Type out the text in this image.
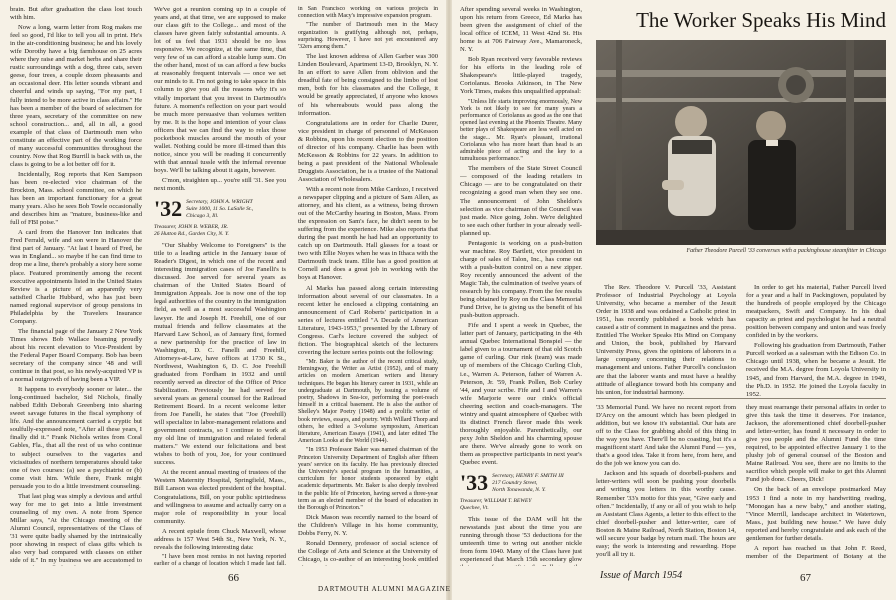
brain. But after graduation the class lost touch with him.

Now a long, warm letter from Rog makes me feel so good, I'd like to tell you all in print. He's in the air-conditioning business; he and his lovely wife Dorothy have a big farmhouse on 25 acres where they raise and market herbs and share their rustic surroundings with a dog, three cats, seven geese, four trees, a couple dozen pheasants and an occasional deer. His letter sounds vibrant and cheerful and winds up saying, "For my part, I fully intend to be more active in class affairs." He has been a member of the board of selectmen for three years, secretary of the committee on new school construction... and, all in all, a good example of that class of Dartmouth men who constitute an effective part of the working force of many successful communities throughout the country. Now that Rog Burrill is back with us, the class is going to be a lot better off for it.

Incidentally, Rog reports that Ken Sampson has been re-elected vice chairman of the Brockton, Mass. school committee, on which he has been an important functionary for a great many years. Also he sees Bob Towle occasionally and describes him as "mature, business-like and full of FBI poise."

A card from the Hanover Inn indicates that Fred Ferrald, wife and son were in Hanover the first part of January. "At last I heard of Fred, he was in England... so maybe if he can find time to drop me a line, there's probably a story here some place. Featured prominently among the recent executive appointments listed in the United States Review is a picture of an apparently very satisfied Charlie Hubbard, who has just been named regional supervisor of group pensions in Philadelphia by the Travelers Insurance Company.

The financial page of the January 2 New York Times shows Bob Wallace beaming proudly about his recent elevation to Vice-President by the Federal Paper Board Company. Bob has been secretary of the company since '48 and will continue in that post, so his newly-acquired VP is a normal outgrowth of having been a VIP.

It happens to everybody sooner or later... the long-continued bachelor, Sid Nichols, finally nabbed Edith Deborah Greenberg into sharing sweet savage futures in the fiscal symphony of life. And the announcement carried a cryptic but soulfully-expressed note, "After all these years, I finally did it." Frank Nichols writes from Coral Gables, Fla., that all the rest of us who continue to subject ourselves to the vagaries and vicissitudes of northern temperatures should take one of two courses: (a) see a psychiatrist or (b) come visit him. While there, Frank might persuade you to do a little investment counseling.

That last plug was simply a devious and artful way for me to get into a little investment counseling of my own. A note from Spence Millar says, "At the Chicago meeting of the Alumni Council, representatives of the Class of '31 were quite badly shamed by the intrinsically poor showing in respect of class gifts which is also very bad compared with classes on either side of it." In my business we are accustomed to

We've got a reunion coming up in a couple of years and, at that time, we are supposed to make our class gift to the College... and most of the classes have given fairly substantial amounts. A lot of us feel that 1931 should be no less responsive. We recognize, at the same time, that very few of us can afford a sizable lump sum. On the other hand, most of us can afford a few bucks at reasonably frequent intervals — once we set our minds to it. I'm not going to take space in this column to give you all the reasons why it's so vitally important that you invest in Dartmouth's future. A moment's reflection on your part would be much more persuasive than volumes written by me. It is the hope and intention of your class officers that we can find the way to relax those pocketbook muscles around the mouth of your wallet. Nothing could be more ill-timed than this notice, since you will be reading it concurrently with that annual tussle with the infernal revenue boys. We'll be talking about it again, however.

C'mon, straighten up... you're still '31. See you next month.

'32 Secretary, JOHN A. WRIGHT
Suite 1000, 11 So. LaSalle St.,
Chicago 3, Ill.
Treasurer, JOHN B. WEBER, JR.
26 Hutton Rd., Garden City, N. Y.

"Our Shabby Welcome to Foreigners" is the title to a leading article in the January issue of Reader's Digest, in which one of the recent and interesting immigration cases of Joe Fanelli's is discussed. Joe served for several years as chairman of the United States Board of Immigration Appeals. Joe is now one of the top legal authorities of the country in the immigration field, as well as a most successful Washington lawyer. He and Joseph H. Freehill, one of our mutual friends and fellow classmates at the Harvard Law School, as of January first, formed a new partnership for the practice of law in Washington, D. C. Fanelli and Freehill, Attorneys-at-Law, have offices at 1730 K St., Northwest, Washington 6, D. C. Joe Freehill graduated from Fordham in 1932 and until recently served as director of the Office of Price Stabilization. Previously he had served for several years as general counsel for the Railroad Retirement Board. In a recent welcome letter from Joe Fanelli, he states that "Joe (Freehill) will specialize in labor-management relations and government contracts, so I continue to work at my old line of immigration and related federal matters." We extend our felicitations and best wishes to both of you, Joe, for your continued success.

At the recent annual meeting of trustees of the Western Maternity Hospital, Springfield, Mass., Bill Lanson was elected president of the hospital. Congratulations, Bill, on your public spiritedness and willingness to assume and actually carry on a major role of responsibility in your local community.

A recent epistle from Chuck Maxwell, whose address is 157 West 54th St., New York, N. Y., reveals the following interesting data:

"I have been most remiss in not having reported earlier of a change of location which I made last fall.

in San Francisco working on various projects in connection with Macy's impressive expansion program.

"The number of Dartmouth men in the Macy organization is gratifying although not, perhaps, surprising. However, I have not yet encountered any '32ers among them."

The last known address of Allen Garber was 300 Linden Boulevard, Apartment 13-D, Brooklyn, N. Y. In an effort to save Allen from oblivion and the dreadful fate of being consigned to the limbo of lost men, both for his classmates and the College, it would be greatly appreciated, if anyone who knows of his whereabouts would pass along the information.

Congratulations are in order for Charlie Durer, vice president in charge of personnel of McKesson & Robbins, upon his recent election to the position of director of his company. Charlie has been with McKesson & Robbins for 22 years. In addition to being a past president of the National Wholesale Druggists Association, he is a trustee of the National Association of Wholesalers.

With a recent note from Mike Cardozo, I received a newspaper clipping and a picture of Sam Allen, as attorney, and his client, as a witness, being thrown out of the McCarthy hearing in Boston, Mass. From the expression on Sam's face, he didn't seem to be suffering from the experience. Mike also reports that during the past month he had had an opportunity to catch up on Dartmouth. Hall glasses for a toast or two with Ellie Noyes when he was in Ithaca with the Dartmouth track team. Ellie has a good position at Cornell and does a great job in working with the boys at Hanover.

Al Marks has passed along certain interesting information about several of our classmates. In a recent letter he enclosed a clipping containing an announcement of Carl Roberts' participation in a series of lectures entitled "A Decade of American Literature, 1943-1953," presented by the Library of Congress. Carl's lecture covered the subject of fiction. The biographical sketch of the lecturers covering the lecture series points out the following:

"Mr. Baker is the author of the recent critical study, Hemingway, the Writer as Artist (1952), and of many articles on modern American writers and literary techniques. He began his literary career in 1931, while an undergraduate at Dartmouth, by issuing a volume of poetry, Shadows in Sea-ice, performing the poet-reach himself in a critical basement. He is also the author of Shelley's Major Poetry (1948) and a prolific writer of book reviews, essays, and poetry. With Willard Thorp and others, he edited a 3-volume symposium, American literature, American Essays (1941), and later edited The American Looks at the World (1944).

"In 1953 Professor Baker was named chairman of the Princeton University Department of English after fifteen years' service on its faculty. He has previously directed the University's special program in the humanities, a curriculum for honor students sponsored by eight academic departments. Mr. Baker is also deeply involved in the public life of Princeton, having served a three-year term as an elected member of the board of education in the Borough of Princeton."

Dick Mason was recently named to the board of the Children's Village in his home community, Dobbs Ferry, N. Y.

Ronald Dennery, professor of social science of the College of Arts and Science at the University of Chicago, is co-author of an interesting book entitled

66

After spending several weeks in Washington, upon his return from Greece, Ed Marks has been given the assignment of chief of the local office of ICEM, 11 West 42nd St. His home is at 706 Fairway Ave., Mamaroneck, N. Y.

Bob Ryan received very favorable reviews for his efforts in the leading role of Shakespeare's little-played tragedy, Coriolanus. Brooks Atkinson, in The New York Times, makes this unqualified appraisal:

"Unless life starts improving enormously, New York is not likely to see for many years a performance of Coriolanus as good as the one that opened last evening at the Phoenix Theatre. Many better plays of Shakespeare are less well acted on the stage... Mr. Ryan's pleasant, irrational Coriolanus who has more heart than head is an admirable piece of acting and the key to a tumultuous performance."

The members of the State Street Council — composed of the leading retailers in Chicago — are to be congratulated on their recognizing a good man when they see one. The announcement of John Sheldon's selection as vice chairman of the Council was just made. Nice going, John. We're delighted to see each other further in your already well-planned up.

Pentagonic is working on a push-button war machine. Roy Bartlett, vice president in charge of sales of Talon, Inc., has come out with a push-button control on a new zipper. Roy recently announced the advent of the Magic Tab, the culmination of twelve years of research by his company. From the fee results being obtained by Roy on the Class Memorial Fund Drive, he is giving us the benefit of his push-button approach.

Fife and I spent a week in Quebec, the latter part of January, participating in the 4th annual Quebec International Bonspiel — the label given to a tournament of that old Scotch game of curling. Our rink (team) was made up of members of the Chicago Curling Club, i.e., Warren A. Peterson, father of Warren A. Peterson, Jr. '59, Frank Pollen, Bob Curley '44, and your scribe. Fife and I and Warren's wife Marjorie were our rink's official cheering section and coach-managers. The wintry and quaint atmosphere of Quebec with its distinct French flavor made this week thoroughly enjoyable. Parenthetically, our pexy John Sheldon and his charming spouse are there. We've already gone to work on them as prospective participants in next year's Quebec event.

'33 Secretary, HENRY F. SMITH III
217 Goundry Street,
North Tonawanda, N. Y.
Treasurer, WILLIAM T. BEWEY
Quechee, Vt.

This issue of the DAM will hit the newsstands just about the time you are running through those '53 deductions for the umteenth time to wring out another nickle from form 1040. Many of the Class have just experienced that March 15th secondary glow

The Worker Speaks His Mind
Father Theodore Purcell '33 converses with a packinghouse steamfitter in Chicago

The Rev. Theodore V. Purcell '33, Assistant Professor of Industrial Psychology at Loyola University, who became a member of the Jesuit Order in 1938 and was ordained a Catholic priest in 1951, has recently published a book which has caused a stir of comment in magazines and the press. Entitled The Worker Speaks His Mind on Company and Union, the book, published by Harvard University Press, gives the opinions of laborers in a large company concerning their relations to management and unions. Father Purcell's conclusion are that the laborer wants and must have a healthy attitude of allegiance toward both his company and his union, for industrial harmony.

In order to get his material, Father Purcell lived for a year and a half in Packingtown, populated by the hundreds of people employed by the Chicago meatpackers, Swift and Company. In his dual capacity as priest and psychologist he had a neutral position between company and union and was freely confided in by the workers.

Following his graduation from Dartmouth, Father Purcell worked as a salesman with the Edison Co. in Chicago until 1938, when he became a Jesuit. He received the M.A. degree from Loyola University in 1945, and from Harvard, the M.A. degree in 1949, the Ph.D. in 1952. He joined the Loyola faculty in 1952.

'33 Memorial Fund. We have no recent report from D'Arcy on the amount which has been pledged in addition, but we know it's substantial. Our hats are off to the Class for grabbing ahold of this thing in the way you have. There'll be no coasting, but it's a magnificent start! And take the Alumni Fund — yes, that's a good idea. Take it from here, from here, and do the job we know you can do.

Jackson and his squads of doorbell-pushers and letter-writers will soon be pushing your doorbells and writing you letters in this worthy cause. Remember '33's motto for this year, "Give early and often." Incidentally, if any or all of you wish to help as Assistant Class Agents, a letter to this effect to the chief doorbell-pusher and letter-writer, care of Boston & Maine Railroad, North Station, Boston 14, will secure your badge by return mail. The hours are easy; the work is interesting and rewarding. Hope you'll all try it.

they must rearrange their personal affairs in order to give this task the time it deserves. For instance, Jackson, the aforementioned chief doorbell-pusher and letter-writer, has found it necessary in order to give you people and the Alumni Fund the time required, to be appointed effective January 1 to the plushy job of general counsel of the Boston and Maine Railroad. You see, there are no limits to the sacrifice which people will make to get this Alumni Fund job done. Cheers, Dick!

On the back of an envelope postmarked May 1953 I find a note in my handwriting reading, "Monogan has a new baby," and another stating, "Vince Merrill, landscape architect in Watertown, Mass., just building new house." We have duly reported and hereby congratulate and ask each of the gentlemen for further details.

A report has reached us that John F. Reed, member of the Department of Botany at the

Issue of March 1954	67
DARTMOUTH ALUMNI MAGAZINE
